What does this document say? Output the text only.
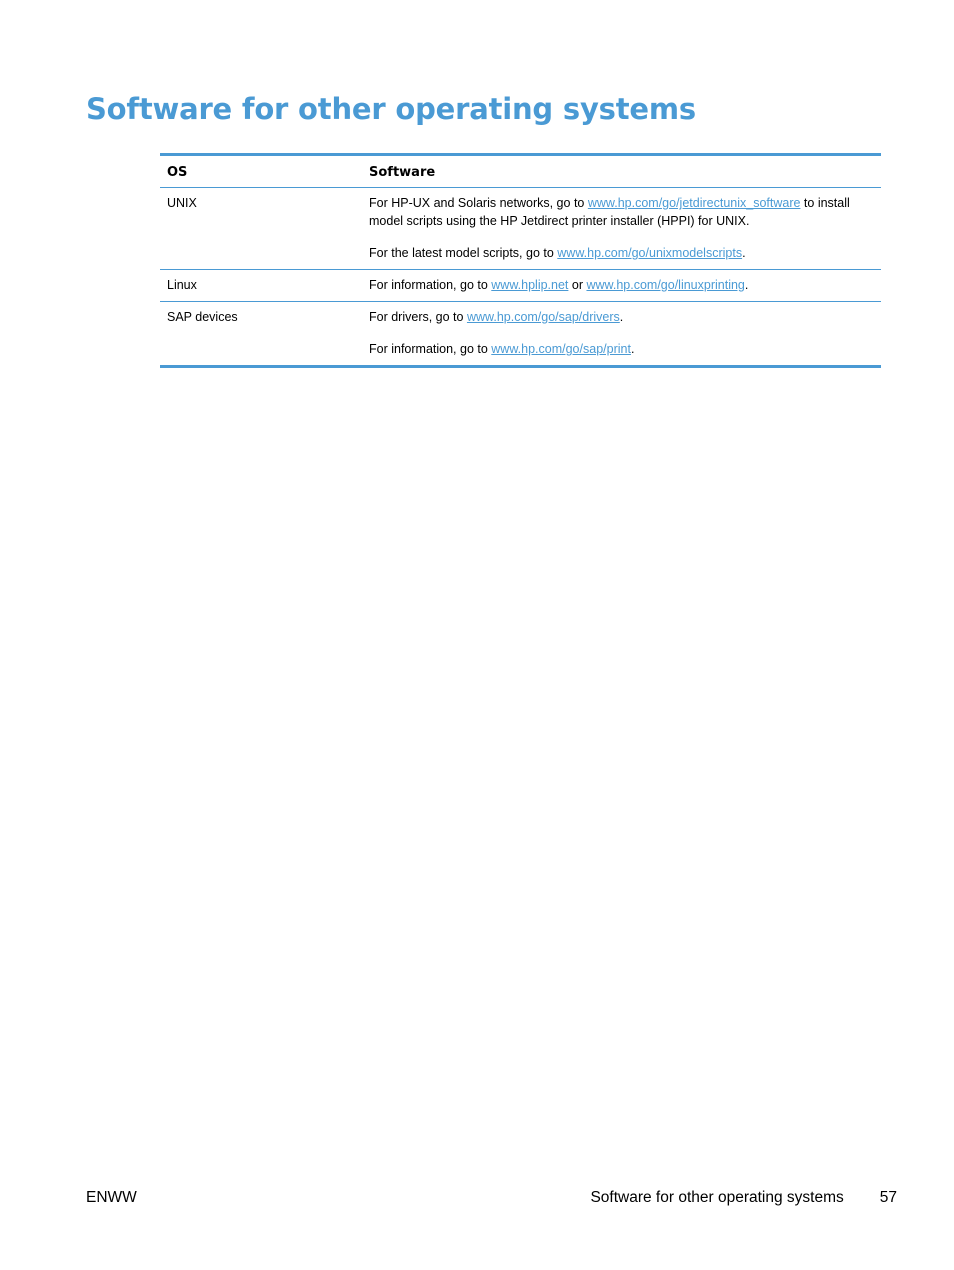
Software for other operating systems
OS	Software
UNIX	For HP-UX and Solaris networks, go to www.hp.com/go/jetdirectunix_software to install model scripts using the HP Jetdirect printer installer (HPPI) for UNIX.

For the latest model scripts, go to www.hp.com/go/unixmodelscripts.

Linux	For information, go to www.hplip.net or www.hp.com/go/linuxprinting.

SAP devices	For drivers, go to www.hp.com/go/sap/drivers.

For information, go to www.hp.com/go/sap/print.

ENWW	Software for other operating systems 57
